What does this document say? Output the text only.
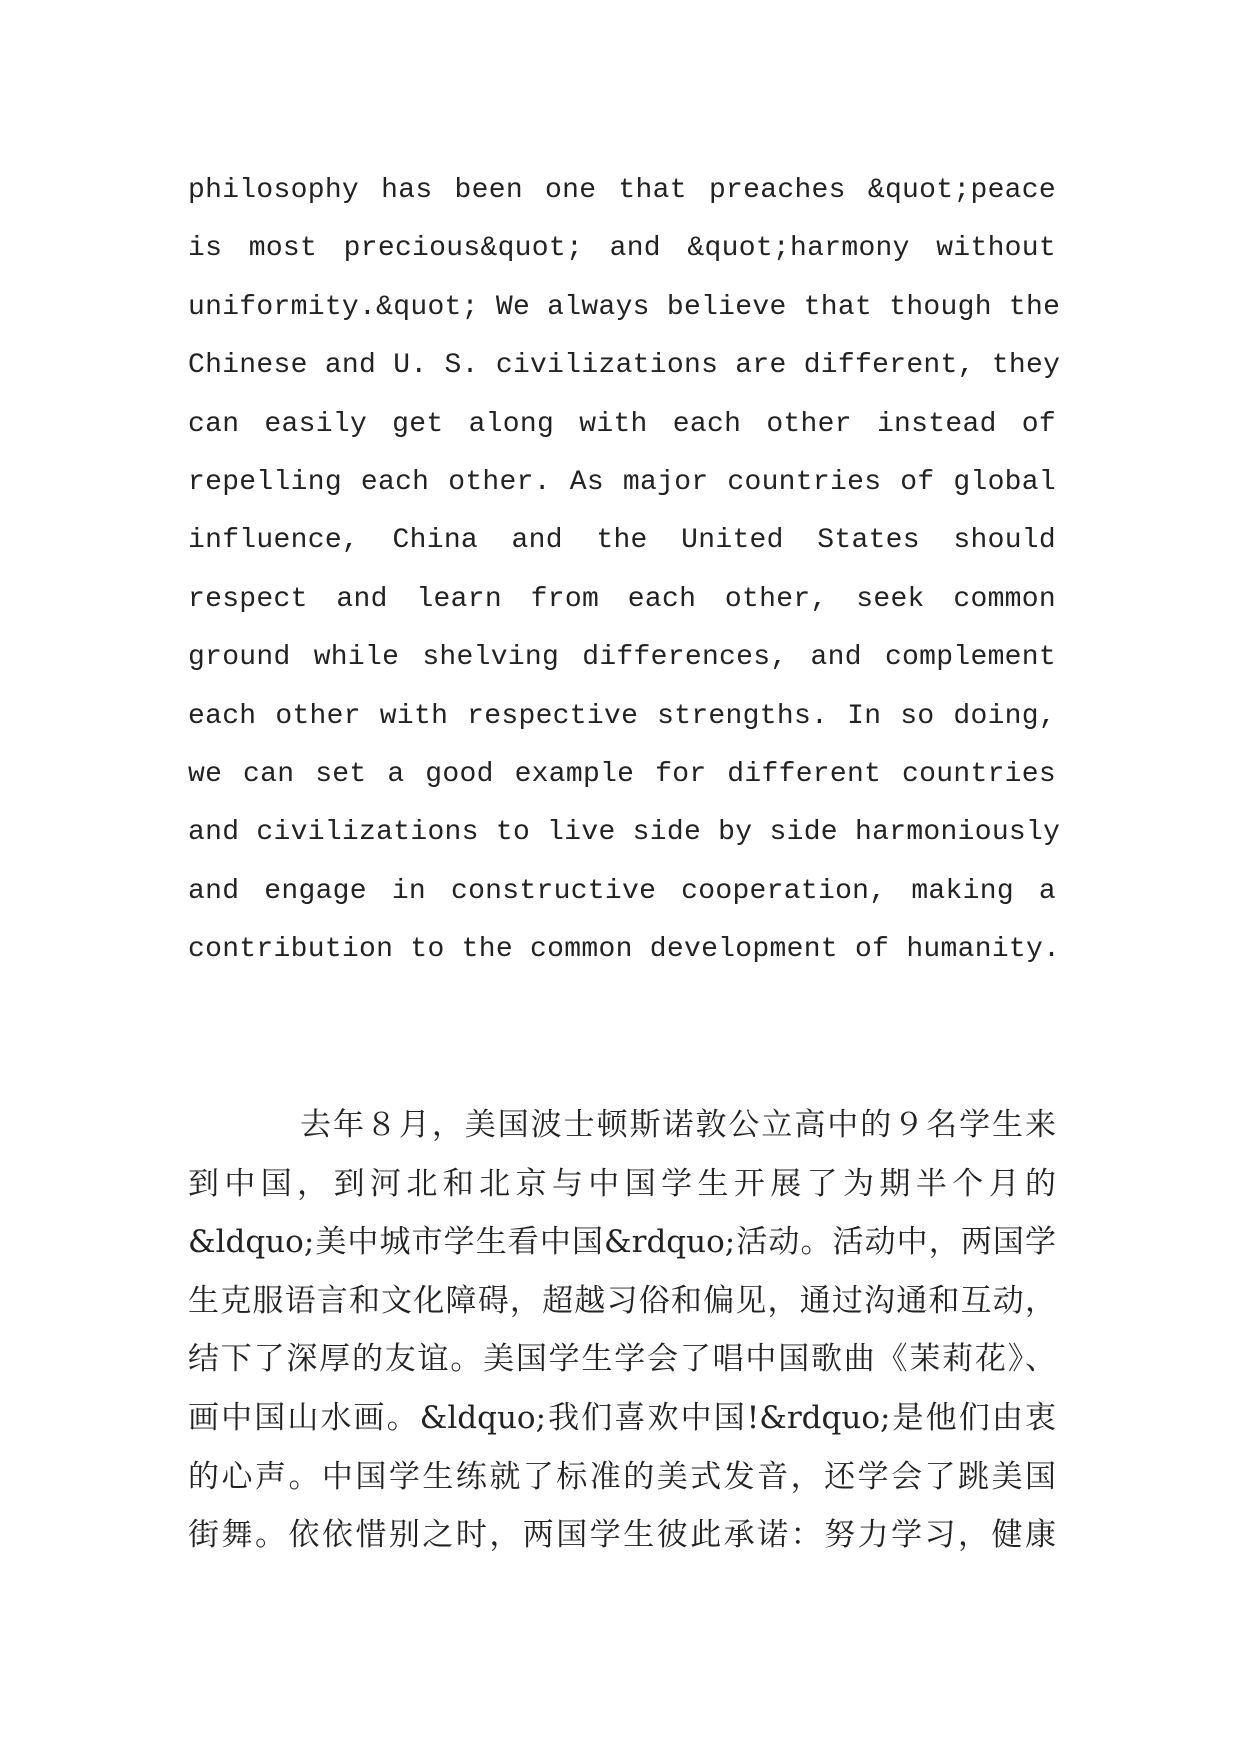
philosophy has been one that preaches &quot;peace
is most precious&quot; and &quot;harmony without
uniformity.&quot; We always believe that though the
Chinese and U. S. civilizations are different, they
can easily get along with each other instead of
repelling each other. As major countries of global
influence, China and the United States should
respect and learn from each other, seek common
ground while shelving differences, and complement
each other with respective strengths. In so doing,
we can set a good example for different countries
and civilizations to live side by side harmoniously
and engage in constructive cooperation, making a
contribution to the common development of humanity.
去年８月，美国波士顿斯诺敦公立高中的９名学生来
到中国，到河北和北京与中国学生开展了为期半个月的
&ldquo;美中城市学生看中国&rdquo;活动。活动中，两国学
生克服语言和文化障碍，超越习俗和偏见，通过沟通和互动，
结下了深厚的友谊。美国学生学会了唱中国歌曲《茉莉花》、
画中国山水画。&ldquo;我们喜欢中国!&rdquo;是他们由衷
的心声。中国学生练就了标准的美式发音，还学会了跳美国
街舞。依依惜别之时，两国学生彼此承诺：努力学习，健康
